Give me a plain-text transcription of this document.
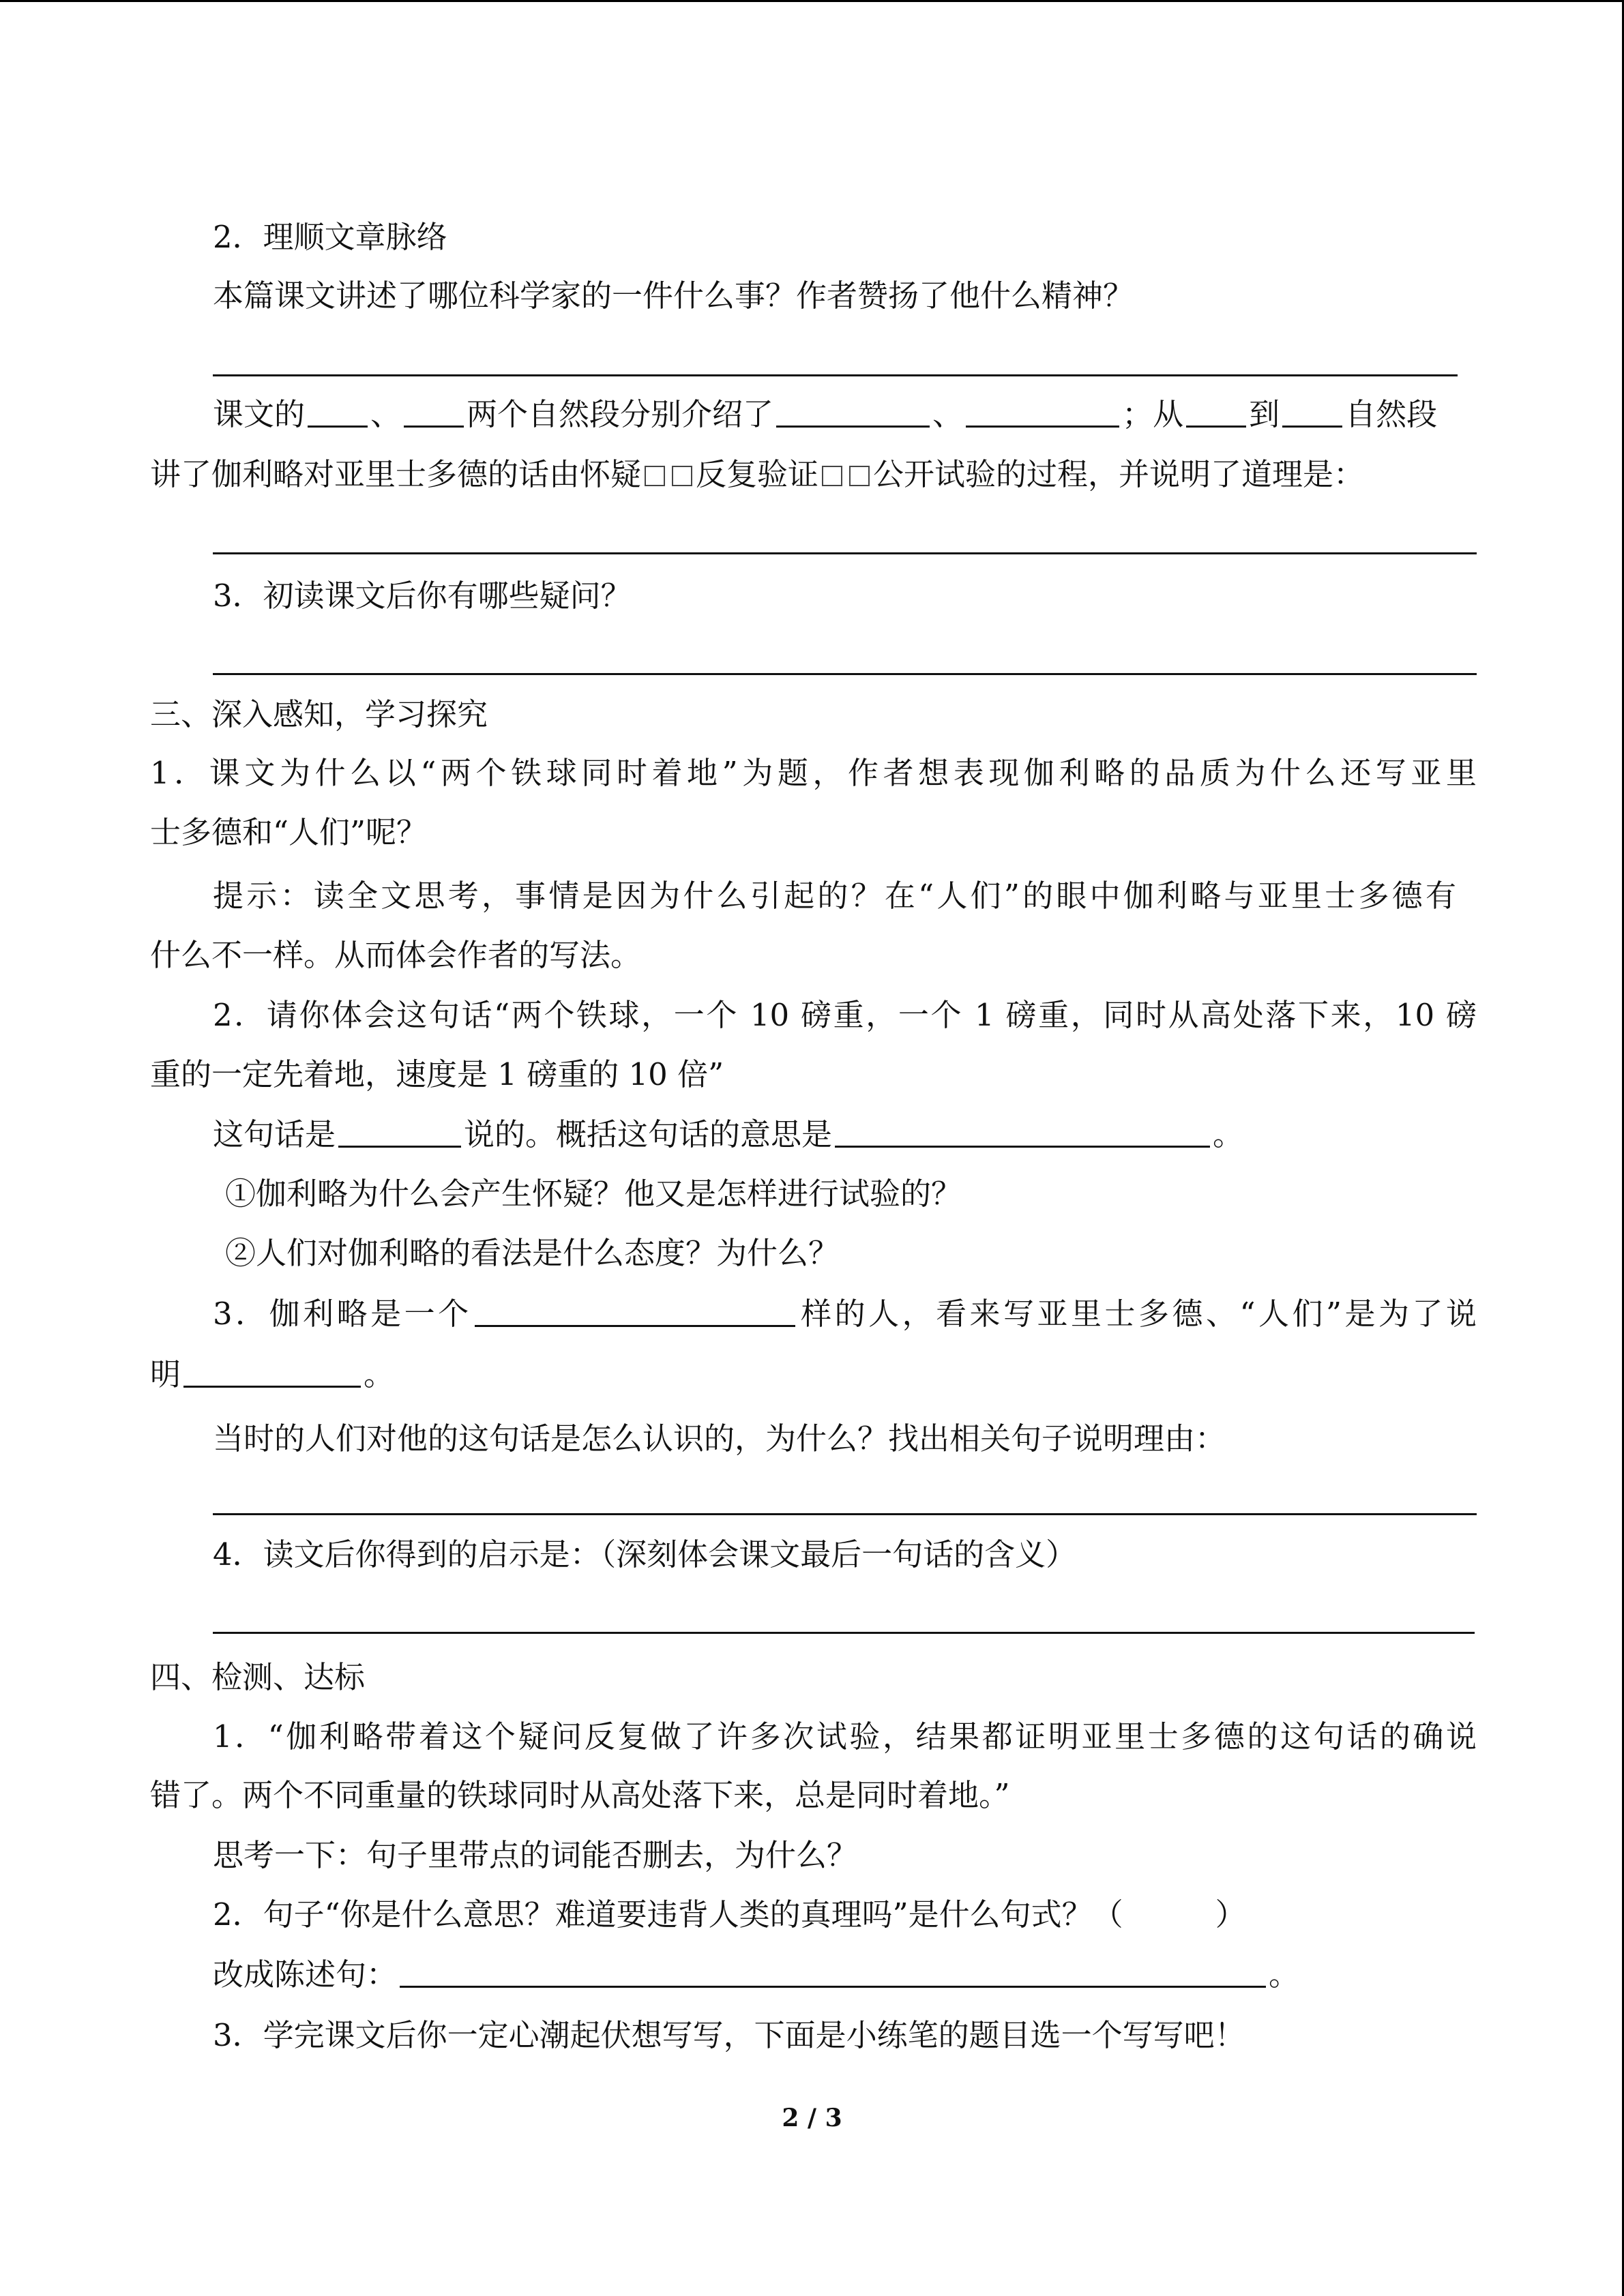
2．理顺文章脉络
本篇课文讲述了哪位科学家的一件什么事？作者赞扬了他什么精神？
课文的 、 两个自然段分别介绍了	、	；从 到 自然段
讲了伽利略对亚里士多德的话由怀疑 反复验证 公开试验的过程，并说明了道理是：
3．初读课文后你有哪些疑问？
三、深入感知，学习探究
1．课文为什么以“两个铁球同时着地”为题，作者想表现伽利略的品质为什么还写亚里
士多德和“人们”呢？
提示：读全文思考，事情是因为什么引起的？在“人们”的眼中伽利略与亚里士多德有
什么不一样。从而体会作者的写法。
2．请你体会这句话“两个铁球，一个 10 磅重，一个 1 磅重，同时从高处落下来，10 磅
重的一定先着地，速度是 1 磅重的 10 倍”
这句话是	说的。概括这句话的意思是	。
①伽利略为什么会产生怀疑？他又是怎样进行试验的？
②人们对伽利略的看法是什么态度？为什么？
3．伽利略是一个	样的人，看来写亚里士多德、“人们”是为了说
明	。
当时的人们对他的这句话是怎么认识的，为什么？找出相关句子说明理由：
4．读文后你得到的启示是：（深刻体会课文最后一句话的含义）
四、检测、达标
1．“伽利略带着这个疑问反复做了许多次试验，结果都证明亚里士多德的这句话的确说
错了。两个不同重量的铁球同时从高处落下来，总是同时着地。”
思考一下：句子里带点的词能否删去，为什么？
2．句子“你是什么意思？难道要违背人类的真理吗”是什么句式？（　　　）
改成陈述句：	。
3．学完课文后你一定心潮起伏想写写，下面是小练笔的题目选一个写写吧！
2 / 3
